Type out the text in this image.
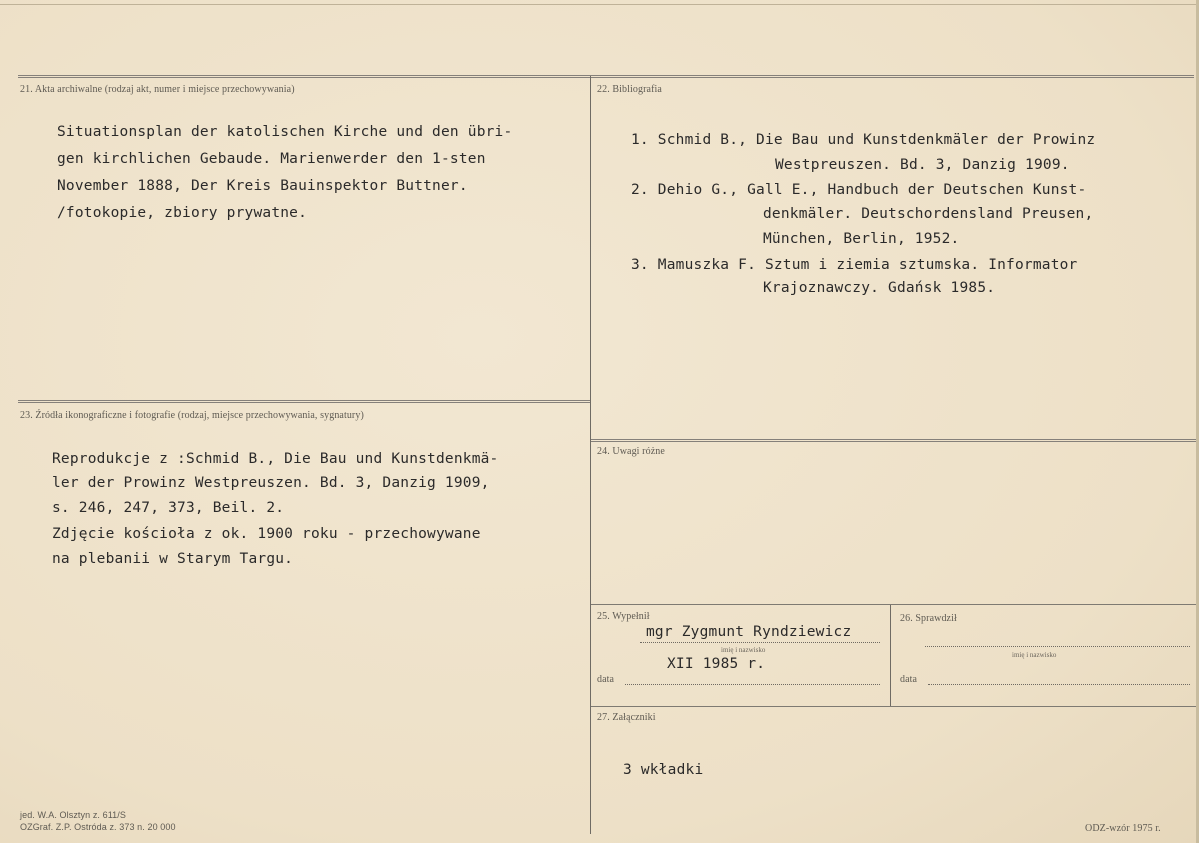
21. Akta archiwalne (rodzaj akt, numer i miejsce przechowywania)
Situationsplan der katolischen Kirche und den übri-
gen kirchlichen Gebaude. Marienwerder den 1-sten
November 1888, Der Kreis Bauinspektor Buttner.
/fotokopie, zbiory prywatne.
22. Bibliografia
1. Schmid B., Die Bau und Kunstdenkmäler der Prowinz
Westpreuszen. Bd. 3, Danzig 1909.
2. Dehio G., Gall E., Handbuch der Deutschen Kunst-
denkmäler. Deutschordensland Preusen,
München, Berlin, 1952.
3. Mamuszka F. Sztum i ziemia sztumska. Informator
Krajoznawczy. Gdańsk 1985.
23. Źródła ikonograficzne i fotografie (rodzaj, miejsce przechowywania, sygnatury)
Reprodukcje z :Schmid B., Die Bau und Kunstdenkmä-
ler der Prowinz Westpreuszen. Bd. 3, Danzig 1909,
s. 246, 247, 373, Beil. 2.
Zdjęcie kościoła z ok. 1900 roku - przechowywane
na plebanii w Starym Targu.
24. Uwagi różne
25. Wypełnił
mgr Zygmunt Ryndziewicz
imię i nazwisko
XII 1985 r.
data
26. Sprawdził
imię i nazwisko
data
27. Załączniki
3 wkładki
jed. W.A. Olsztyn z. 611/S
OZGraf. Z.P. Ostróda z. 373 n. 20 000	ODZ-wzór 1975 r.
